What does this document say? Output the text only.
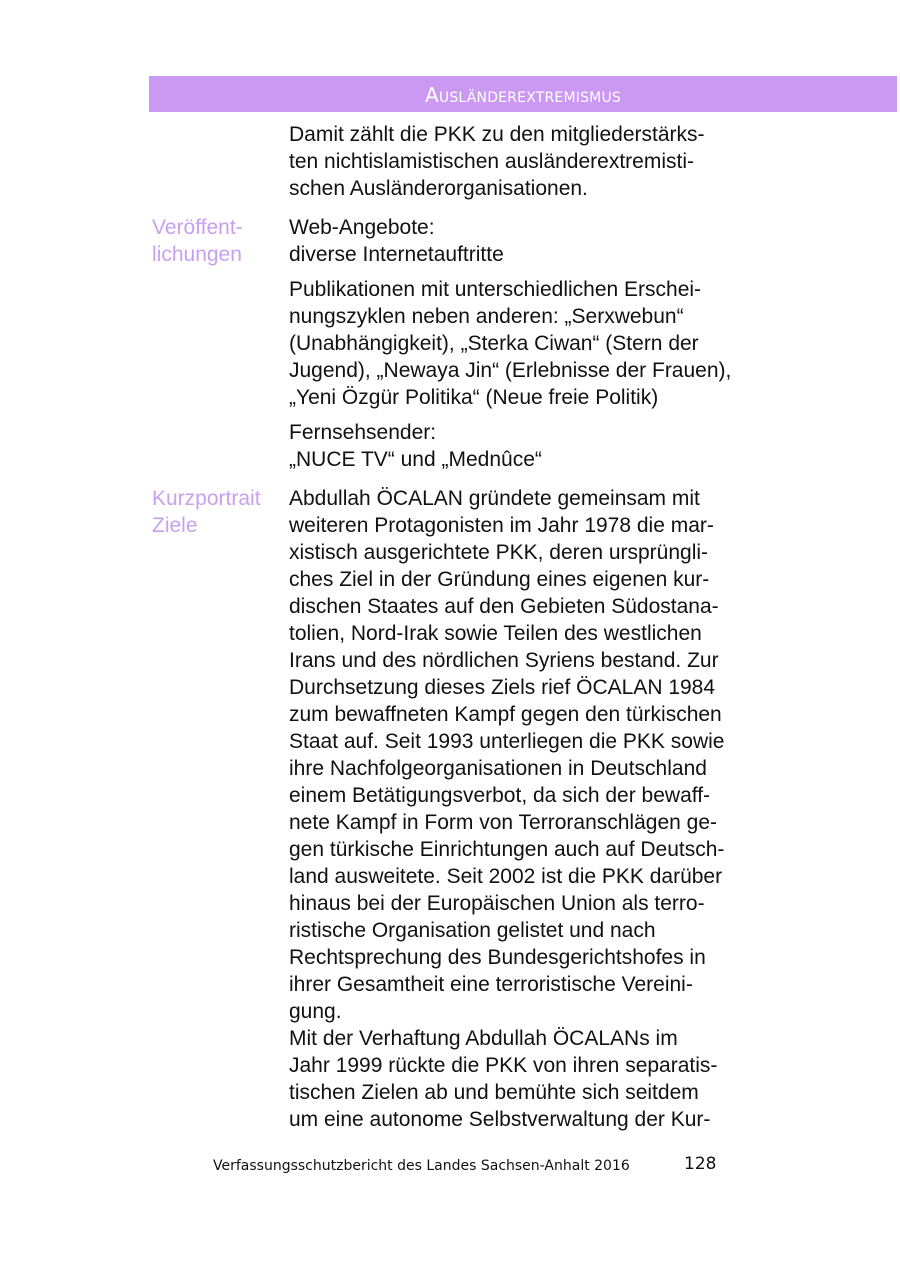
Ausländerextremismus

Damit zählt die PKK zu den mitgliederstärks-
ten nichtislamistischen ausländerextremisti-
schen Ausländerorganisationen.

Veröffent-
lichungen

Web-Angebote:
diverse Internetauftritte

Publikationen mit unterschiedlichen Erschei-
nungszyklen neben anderen: „Serxwebun“
(Unabhängigkeit), „Sterka Ciwan“ (Stern der
Jugend), „Newaya Jin“ (Erlebnisse der Frauen),
„Yeni Özgür Politika“ (Neue freie Politik)

Fernsehsender:
„NUCE TV“ und „Mednûce“

Kurzportrait
Ziele

Abdullah ÖCALAN gründete gemeinsam mit
weiteren Protagonisten im Jahr 1978 die mar-
xistisch ausgerichtete PKK, deren ursprüngli-
ches Ziel in der Gründung eines eigenen kur-
dischen Staates auf den Gebieten Südostana-
tolien, Nord-Irak sowie Teilen des westlichen
Irans und des nördlichen Syriens bestand. Zur
Durchsetzung dieses Ziels rief ÖCALAN 1984
zum bewaffneten Kampf gegen den türkischen
Staat auf. Seit 1993 unterliegen die PKK sowie
ihre Nachfolgeorganisationen in Deutschland
einem Betätigungsverbot, da sich der bewaff-
nete Kampf in Form von Terroranschlägen ge-
gen türkische Einrichtungen auch auf Deutsch-
land ausweitete. Seit 2002 ist die PKK darüber
hinaus bei der Europäischen Union als terro-
ristische Organisation gelistet und nach
Rechtsprechung des Bundesgerichtshofes in
ihrer Gesamtheit eine terroristische Vereini-
gung.
Mit der Verhaftung Abdullah ÖCALANs im
Jahr 1999 rückte die PKK von ihren separatis-
tischen Zielen ab und bemühte sich seitdem
um eine autonome Selbstverwaltung der Kur-

Verfassungsschutzbericht des Landes Sachsen-Anhalt 2016	128
